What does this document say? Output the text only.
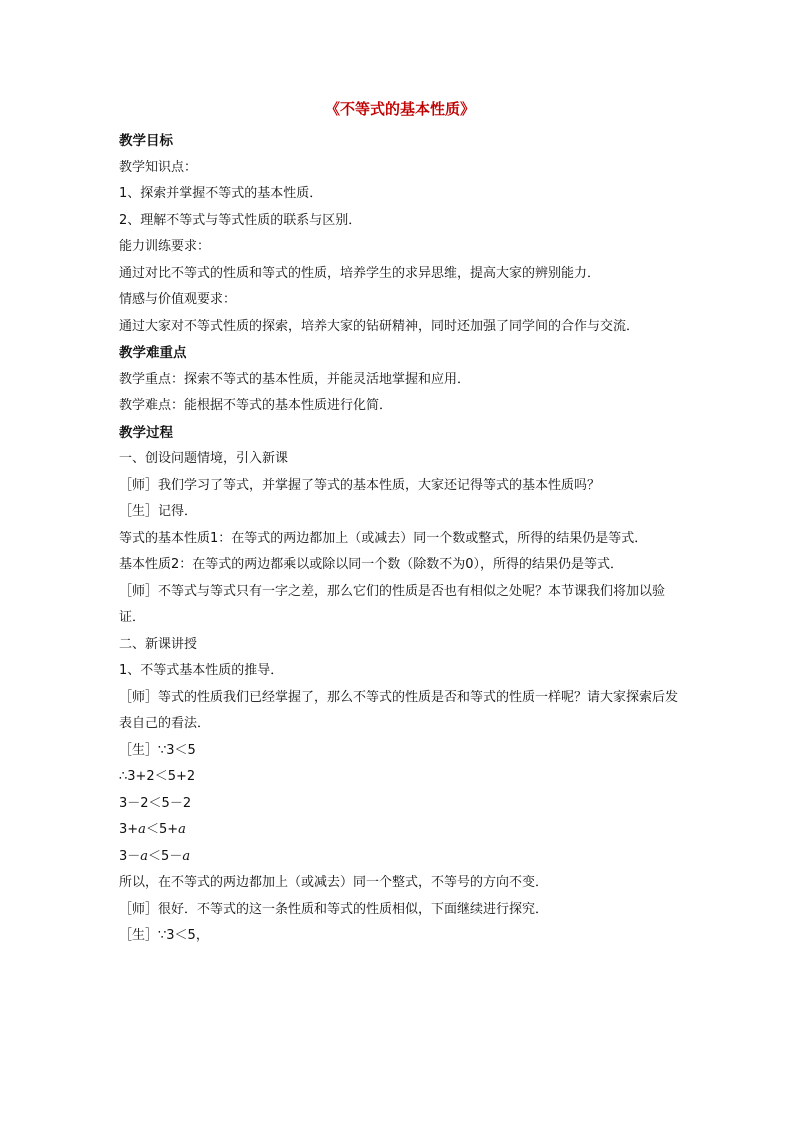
《不等式的基本性质》
教学目标
教学知识点：
1、探索并掌握不等式的基本性质．
2、理解不等式与等式性质的联系与区别．
能力训练要求：
通过对比不等式的性质和等式的性质，培养学生的求异思维，提高大家的辨别能力．
情感与价值观要求：
通过大家对不等式性质的探索，培养大家的钻研精神，同时还加强了同学间的合作与交流．
教学难重点
教学重点：探索不等式的基本性质，并能灵活地掌握和应用．
教学难点：能根据不等式的基本性质进行化简．
教学过程
一、创设问题情境，引入新课
［师］我们学习了等式，并掌握了等式的基本性质，大家还记得等式的基本性质吗？
［生］记得．
等式的基本性质1：在等式的两边都加上（或减去）同一个数或整式，所得的结果仍是等式．
基本性质2：在等式的两边都乘以或除以同一个数（除数不为0），所得的结果仍是等式．
［师］不等式与等式只有一字之差，那么它们的性质是否也有相似之处呢？本节课我们将加以验证．
二、新课讲授
1、不等式基本性质的推导．
［师］等式的性质我们已经掌握了，那么不等式的性质是否和等式的性质一样呢？请大家探索后发表自己的看法．
［生］∵3＜5
∴3+2＜5+2
3－2＜5－2
3+a＜5+a
3－a＜5－a
所以，在不等式的两边都加上（或减去）同一个整式，不等号的方向不变．
［师］很好．不等式的这一条性质和等式的性质相似，下面继续进行探究．
［生］∵3＜5，
